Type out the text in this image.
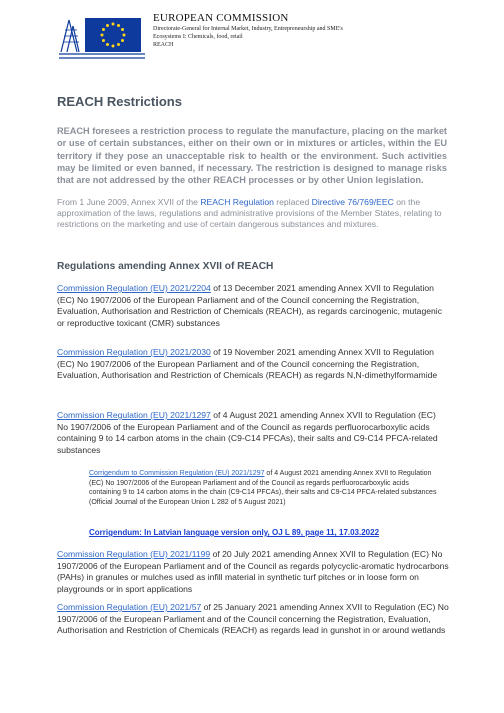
EUROPEAN COMMISSION
Directorate-General for Internal Market, Industry, Entrepreneurship and SME's
Ecosystems I: Chemicals, food, retail
REACH
REACH Restrictions

REACH foresees a restriction process to regulate the manufacture, placing on the market or use of certain substances, either on their own or in mixtures or articles, within the EU territory if they pose an unacceptable risk to health or the environment. Such activities may be limited or even banned, if necessary. The restriction is designed to manage risks that are not addressed by the other REACH processes or by other Union legislation.

From 1 June 2009, Annex XVII of the REACH Regulation replaced Directive 76/769/EEC on the approximation of the laws, regulations and administrative provisions of the Member States, relating to restrictions on the marketing and use of certain dangerous substances and mixtures.

Regulations amending Annex XVII of REACH
Commission Regulation (EU) 2021/2204 of 13 December 2021 amending Annex XVII to Regulation (EC) No 1907/2006 of the European Parliament and of the Council concerning the Registration, Evaluation, Authorisation and Restriction of Chemicals (REACH), as regards carcinogenic, mutagenic or reproductive toxicant (CMR) substances
Commission Regulation (EU) 2021/2030 of 19 November 2021 amending Annex XVII to Regulation (EC) No 1907/2006 of the European Parliament and of the Council concerning the Registration, Evaluation, Authorisation and Restriction of Chemicals (REACH) as regards N,N-dimethylformamide
Commission Regulation (EU) 2021/1297 of 4 August 2021 amending Annex XVII to Regulation (EC) No 1907/2006 of the European Parliament and of the Council as regards perfluorocarboxylic acids containing 9 to 14 carbon atoms in the chain (C9-C14 PFCAs), their salts and C9-C14 PFCA-related substances
Corrigendum to Commission Regulation (EU) 2021/1297 of 4 August 2021 amending Annex XVII to Regulation (EC) No 1907/2006 of the European Parliament and of the Council as regards perfluorocarboxylic acids containing 9 to 14 carbon atoms in the chain (C9-C14 PFCAs), their salts and C9-C14 PFCA-related substances (Official Journal of the European Union L 282 of 5 August 2021)
Corrigendum: In Latvian language version only, OJ L 89, page 11, 17.03.2022
Commission Regulation (EU) 2021/1199 of 20 July 2021 amending Annex XVII to Regulation (EC) No 1907/2006 of the European Parliament and of the Council as regards polycyclic-aromatic hydrocarbons (PAHs) in granules or mulches used as infill material in synthetic turf pitches or in loose form on playgrounds or in sport applications
Commission Regulation (EU) 2021/57 of 25 January 2021 amending Annex XVII to Regulation (EC) No 1907/2006 of the European Parliament and of the Council concerning the Registration, Evaluation, Authorisation and Restriction of Chemicals (REACH) as regards lead in gunshot in or around wetlands
